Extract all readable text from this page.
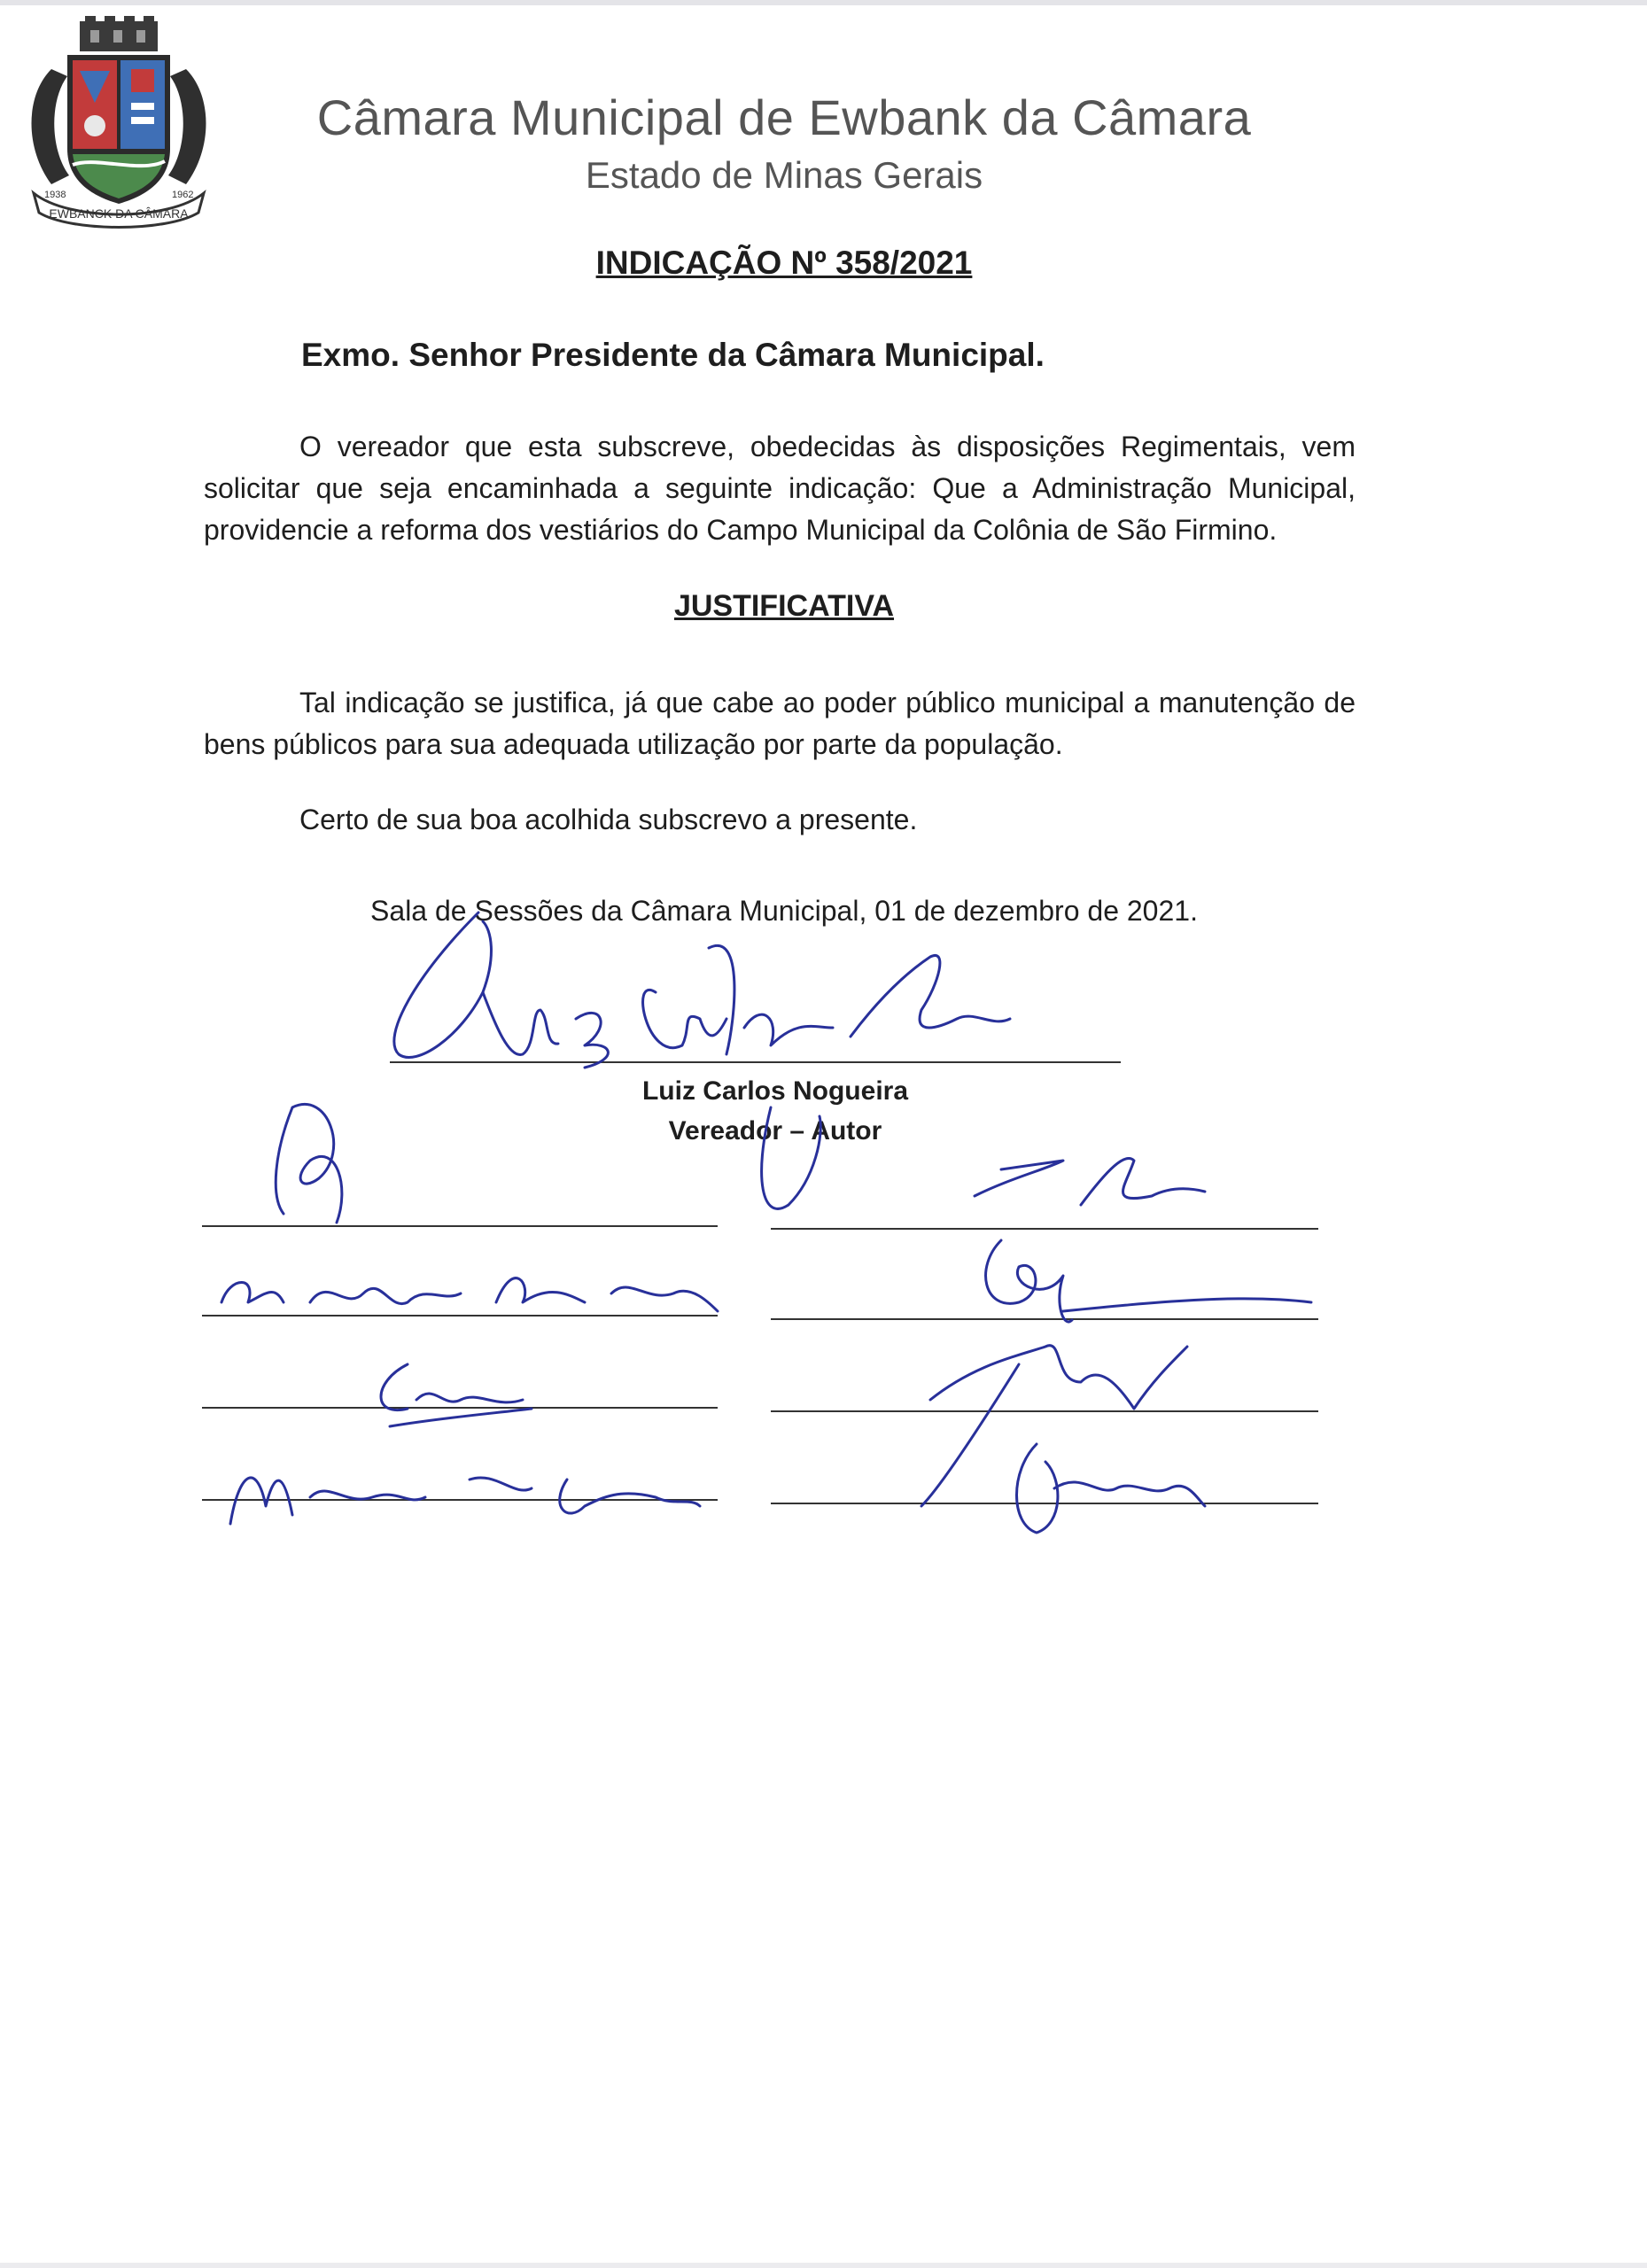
EWBANCK DA CÂMARA
1938	1962
Câmara Municipal de Ewbank da Câmara
Estado de Minas Gerais
INDICAÇÃO Nº 358/2021
Exmo. Senhor Presidente da Câmara Municipal.
O vereador que esta subscreve, obedecidas às disposições Regimentais, vem solicitar que seja encaminhada a seguinte indicação: Que a Administração Municipal, providencie a reforma dos vestiários do Campo Municipal da Colônia de São Firmino.
JUSTIFICATIVA
Tal indicação se justifica, já que cabe ao poder público municipal a manutenção de bens públicos para sua adequada utilização por parte da população.
Certo de sua boa acolhida subscrevo a presente.
Sala de Sessões da Câmara Municipal, 01 de dezembro de 2021.
Luiz Carlos Nogueira
Vereador – Autor
